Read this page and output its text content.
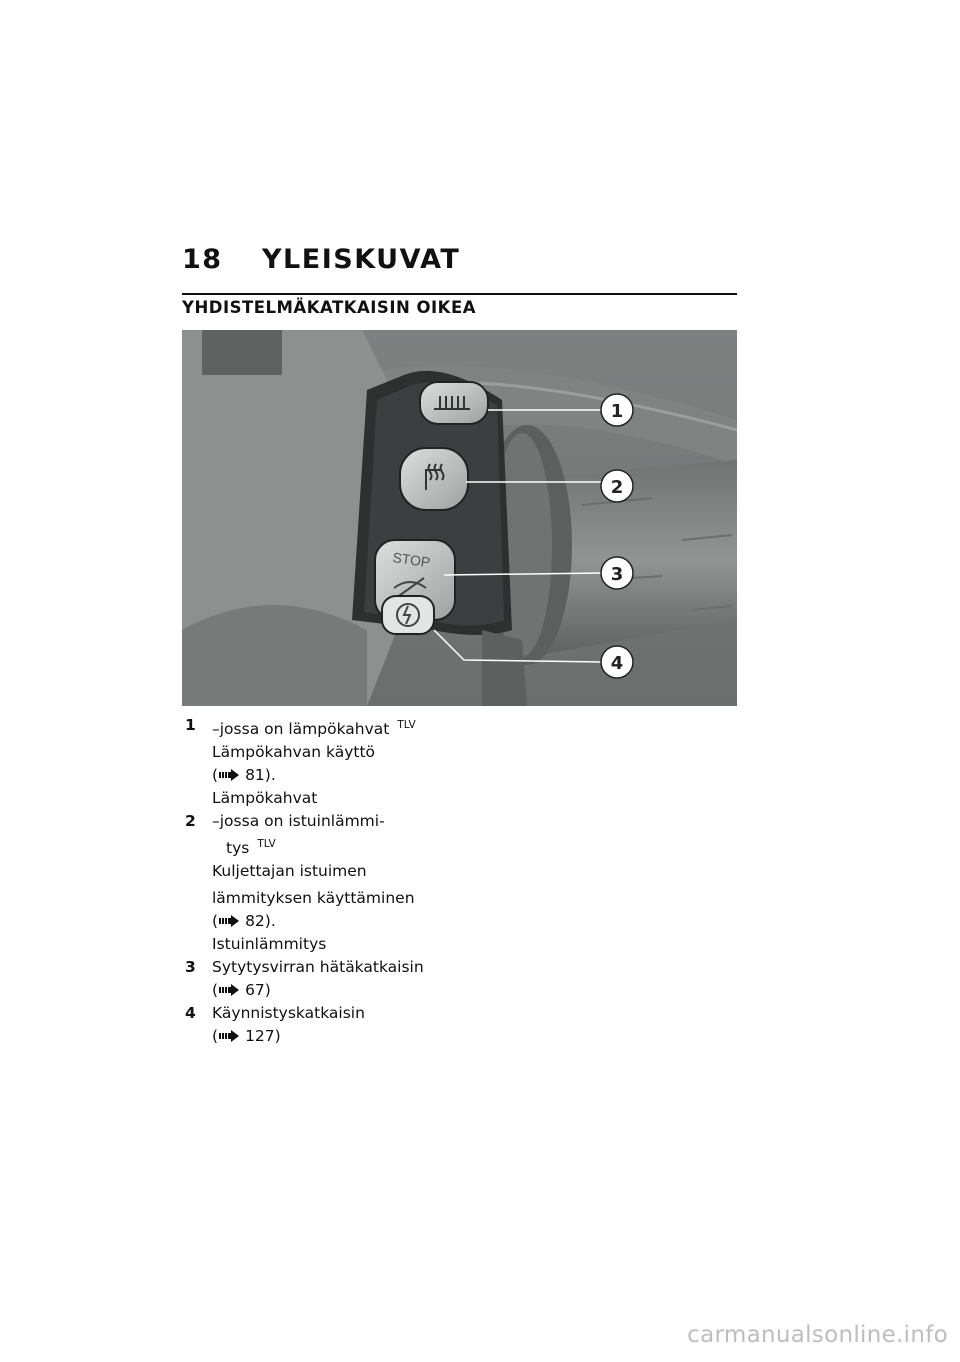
18 YLEISKUVAT
YHDISTELMÄKATKAISIN OIKEA
STOP
1
2
3
4
1 –jossa on lämpökahvat $^{TLV}$
Lämpökahvan käyttö
( 81).
Lämpökahvat
2 –jossa on istuinlämmi-
tys $^{TLV}$
Kuljettajan istuimen
lämmityksen käyttäminen
( 82).
Istuinlämmitys
3 Sytytysvirran hätäkatkaisin
( 67)
4 Käynnistyskatkaisin
( 127)
carmanualsonline.info
